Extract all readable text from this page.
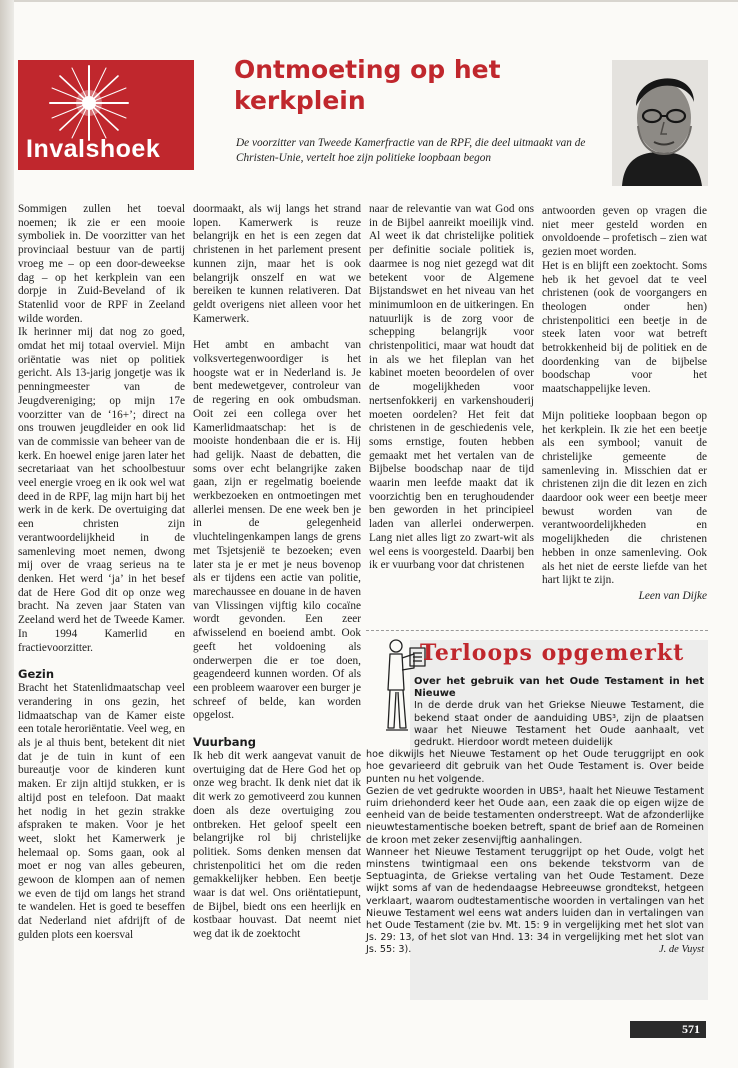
Invalshoek
Ontmoeting op het
kerkplein

De voorzitter van Tweede Kamerfractie van de RPF, die deel uitmaakt van de Christen-Unie, vertelt hoe zijn politieke loopbaan begon

Sommigen zullen het toeval noemen; ik zie er een mooie symboliek in. De voorzitter van het provinciaal bestuur van de partij vroeg me – op een door-deweekse dag – op het kerkplein van een dorpje in Zuid-Beveland of ik Statenlid voor de RPF in Zeeland wilde worden.

Ik herinner mij dat nog zo goed, omdat het mij totaal overviel. Mijn oriëntatie was niet op politiek gericht. Als 13-jarig jongetje was ik penningmeester van de Jeugdvereniging; op mijn 17e voorzitter van de ‘16+’; direct na ons trouwen jeugdleider en ook lid van de commissie van beheer van de kerk. En hoewel enige jaren later het secretariaat van het schoolbestuur veel energie vroeg en ik ook wel wat deed in de RPF, lag mijn hart bij het werk in de kerk. De overtuiging dat een christen zijn verantwoordelijkheid in de samenleving moet nemen, dwong mij over de vraag serieus na te denken. Het werd ‘ja’ in het besef dat de Here God dit op onze weg bracht. Na zeven jaar Staten van Zeeland werd het de Tweede Kamer. In 1994 Kamerlid en fractievoorzitter.

Gezin

Bracht het Statenlidmaatschap veel verandering in ons gezin, het lidmaatschap van de Kamer eiste een totale heroriëntatie. Veel weg, en als je al thuis bent, betekent dit niet dat je de tuin in kunt of een bureautje voor de kinderen kunt maken. Er zijn altijd stukken, er is altijd post en telefoon. Dat maakt het nodig in het gezin strakke afspraken te maken. Voor je het weet, slokt het Kamerwerk je helemaal op. Soms gaan, ook al moet er nog van alles gebeuren, gewoon de klompen aan of nemen we even de tijd om langs het strand te wandelen. Het is goed te beseffen dat Nederland niet afdrijft of de gulden plots een koersval

doormaakt, als wij langs het strand lopen. Kamerwerk is reuze belangrijk en het is een zegen dat christenen in het parlement present kunnen zijn, maar het is ook belangrijk onszelf en wat we bereiken te kunnen relativeren. Dat geldt overigens niet alleen voor het Kamerwerk.

Het ambt en ambacht van volksvertegenwoordiger is het hoogste wat er in Nederland is. Je bent medewetgever, controleur van de regering en ook ombudsman. Ooit zei een collega over het Kamerlidmaatschap: het is de mooiste hondenbaan die er is. Hij had gelijk. Naast de debatten, die soms over echt belangrijke zaken gaan, zijn er regelmatig boeiende werkbezoeken en ontmoetingen met allerlei mensen. De ene week ben je in de gelegenheid vluchtelingenkampen langs de grens met Tsjetsjenië te bezoeken; even later sta je er met je neus bovenop als er tijdens een actie van politie, marechaussee en douane in de haven van Vlissingen vijftig kilo cocaïne wordt gevonden. Een zeer afwisselend en boeiend ambt. Ook geeft het voldoening als onderwerpen die er toe doen, geagendeerd kunnen worden. Of als een probleem waarover een burger je schreef of belde, kan worden opgelost.

Vuurbang

Ik heb dit werk aangevat vanuit de overtuiging dat de Here God het op onze weg bracht. Ik denk niet dat ik dit werk zo gemotiveerd zou kunnen doen als deze overtuiging zou ontbreken. Het geloof speelt een belangrijke rol bij christelijke politiek. Soms denken mensen dat christenpolitici het om die reden gemakkelijker hebben. Een beetje waar is dat wel. Ons oriëntatiepunt, de Bijbel, biedt ons een heerlijk en kostbaar houvast. Dat neemt niet weg dat ik de zoektocht

naar de relevantie van wat God ons in de Bijbel aanreikt moeilijk vind. Al weet ik dat christelijke politiek per definitie sociale politiek is, daarmee is nog niet gezegd wat dit betekent voor de Algemene Bijstandswet en het niveau van het minimumloon en de uitkeringen. En natuurlijk is de zorg voor de schepping belangrijk voor christenpolitici, maar wat houdt dat in als we het fileplan van het kabinet moeten beoordelen of over de mogelijkheden voor nertsenfokkerij en varkenshouderij moeten oordelen? Het feit dat christenen in de geschiedenis vele, soms ernstige, fouten hebben gemaakt met het vertalen van de Bijbelse boodschap naar de tijd waarin men leefde maakt dat ik voorzichtig ben en terughoudender ben geworden in het principieel laden van allerlei onderwerpen. Lang niet alles ligt zo zwart-wit als wel eens is voorgesteld. Daarbij ben ik er vuurbang voor dat christenen

antwoorden geven op vragen die niet meer gesteld worden en onvoldoende – profetisch – zien wat gezien moet worden.

Het is en blijft een zoektocht. Soms heb ik het gevoel dat te veel christenen (ook de voorgangers en theologen onder hen) christenpolitici een beetje in de steek laten voor wat betreft betrokkenheid bij de politiek en de doordenking van de bijbelse boodschap voor het maatschappelijke leven.

Mijn politieke loopbaan begon op het kerkplein. Ik zie het een beetje als een symbool; vanuit de christelijke gemeente de samenleving in. Misschien dat er christenen zijn die dit lezen en zich daardoor ook weer een beetje meer bewust worden van de verantwoordelijkheden en mogelijkheden die christenen hebben in onze samenleving. Ook als het niet de eerste liefde van het hart lijkt te zijn.

Leen van Dijke

Terloops opgemerkt
Over het gebruik van het Oude Testament in het Nieuwe

In de derde druk van het Griekse Nieuwe Testament, die bekend staat onder de aanduiding UBS³, zijn de plaatsen waar het Nieuwe Testament het Oude aanhaalt, vet gedrukt. Hierdoor wordt meteen duidelijk

hoe dikwijls het Nieuwe Testament op het Oude teruggrijpt en ook hoe gevarieerd dit gebruik van het Oude Testament is. Over beide punten nu het volgende.

Gezien de vet gedrukte woorden in UBS³, haalt het Nieuwe Testament ruim driehonderd keer het Oude aan, een zaak die op eigen wijze de eenheid van de beide testamenten onderstreept. Wat de afzonderlijke nieuwtestamentische boeken betreft, spant de brief aan de Romeinen de kroon met zeker zesenvijftig aanhalingen.

Wanneer het Nieuwe Testament teruggrijpt op het Oude, volgt het minstens twintigmaal een ons bekende tekstvorm van de Septuaginta, de Griekse vertaling van het Oude Testament. Deze wijkt soms af van de hedendaagse Hebreeuwse grondtekst, hetgeen verklaart, waarom oudtestamentische woorden in vertalingen van het Nieuwe Testament wel eens wat anders luiden dan in vertalingen van het Oude Testament (zie bv. Mt. 15: 9 in vergelijking met het slot van Js. 29: 13, of het slot van Hnd. 13: 34 in vergelijking met het slot van Js. 55: 3).	J. de Vuyst

571
